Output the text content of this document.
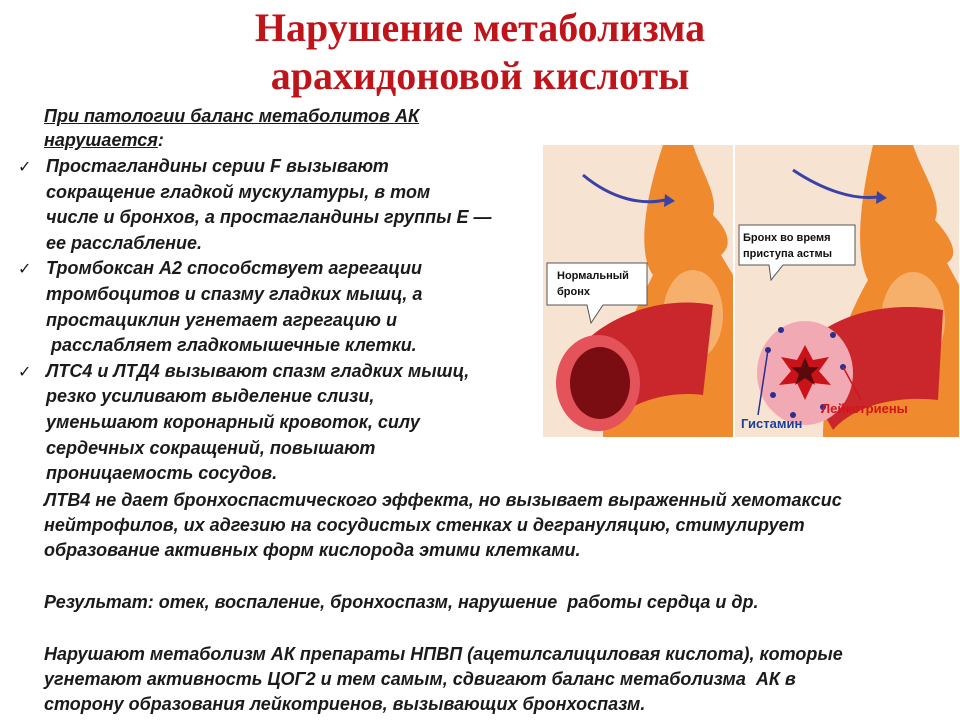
Нарушение метаболизма
арахидоновой кислоты
При патологии баланс метаболитов АК нарушается:
✓ Простагландины серии F вызывают
сокращение гладкой мускулатуры, в том
числе и бронхов, а простагландины группы Е —
ее расслабление.
✓ Тромбоксан А2 способствует агрегации
тромбоцитов и спазму гладких мышц, а
простациклин угнетает агрегацию и
расслабляет гладкомышечные клетки.
✓ ЛТС4 и ЛТД4 вызывают спазм гладких мышц,
резко усиливают выделение слизи,
уменьшают коронарный кровоток, силу
сердечных сокращений, повышают
проницаемость сосудов.
Нормальный
бронх
Бронх во время
приступа астмы
Лейкотриены
Гистамин
ЛТВ4 не дает бронхоспастического эффекта, но вызывает выраженный хемотаксис
нейтрофилов, их адгезию на сосудистых стенках и дегрануляцию, стимулирует
образование активных форм кислорода этими клетками.
Результат: отек, воспаление, бронхоспазм, нарушение  работы сердца и др.
Нарушают метаболизм АК препараты НПВП (ацетилсалициловая кислота), которые
угнетают активность ЦОГ2 и тем самым, сдвигают баланс метаболизма  АК в
сторону образования лейкотриенов, вызывающих бронхоспазм.
